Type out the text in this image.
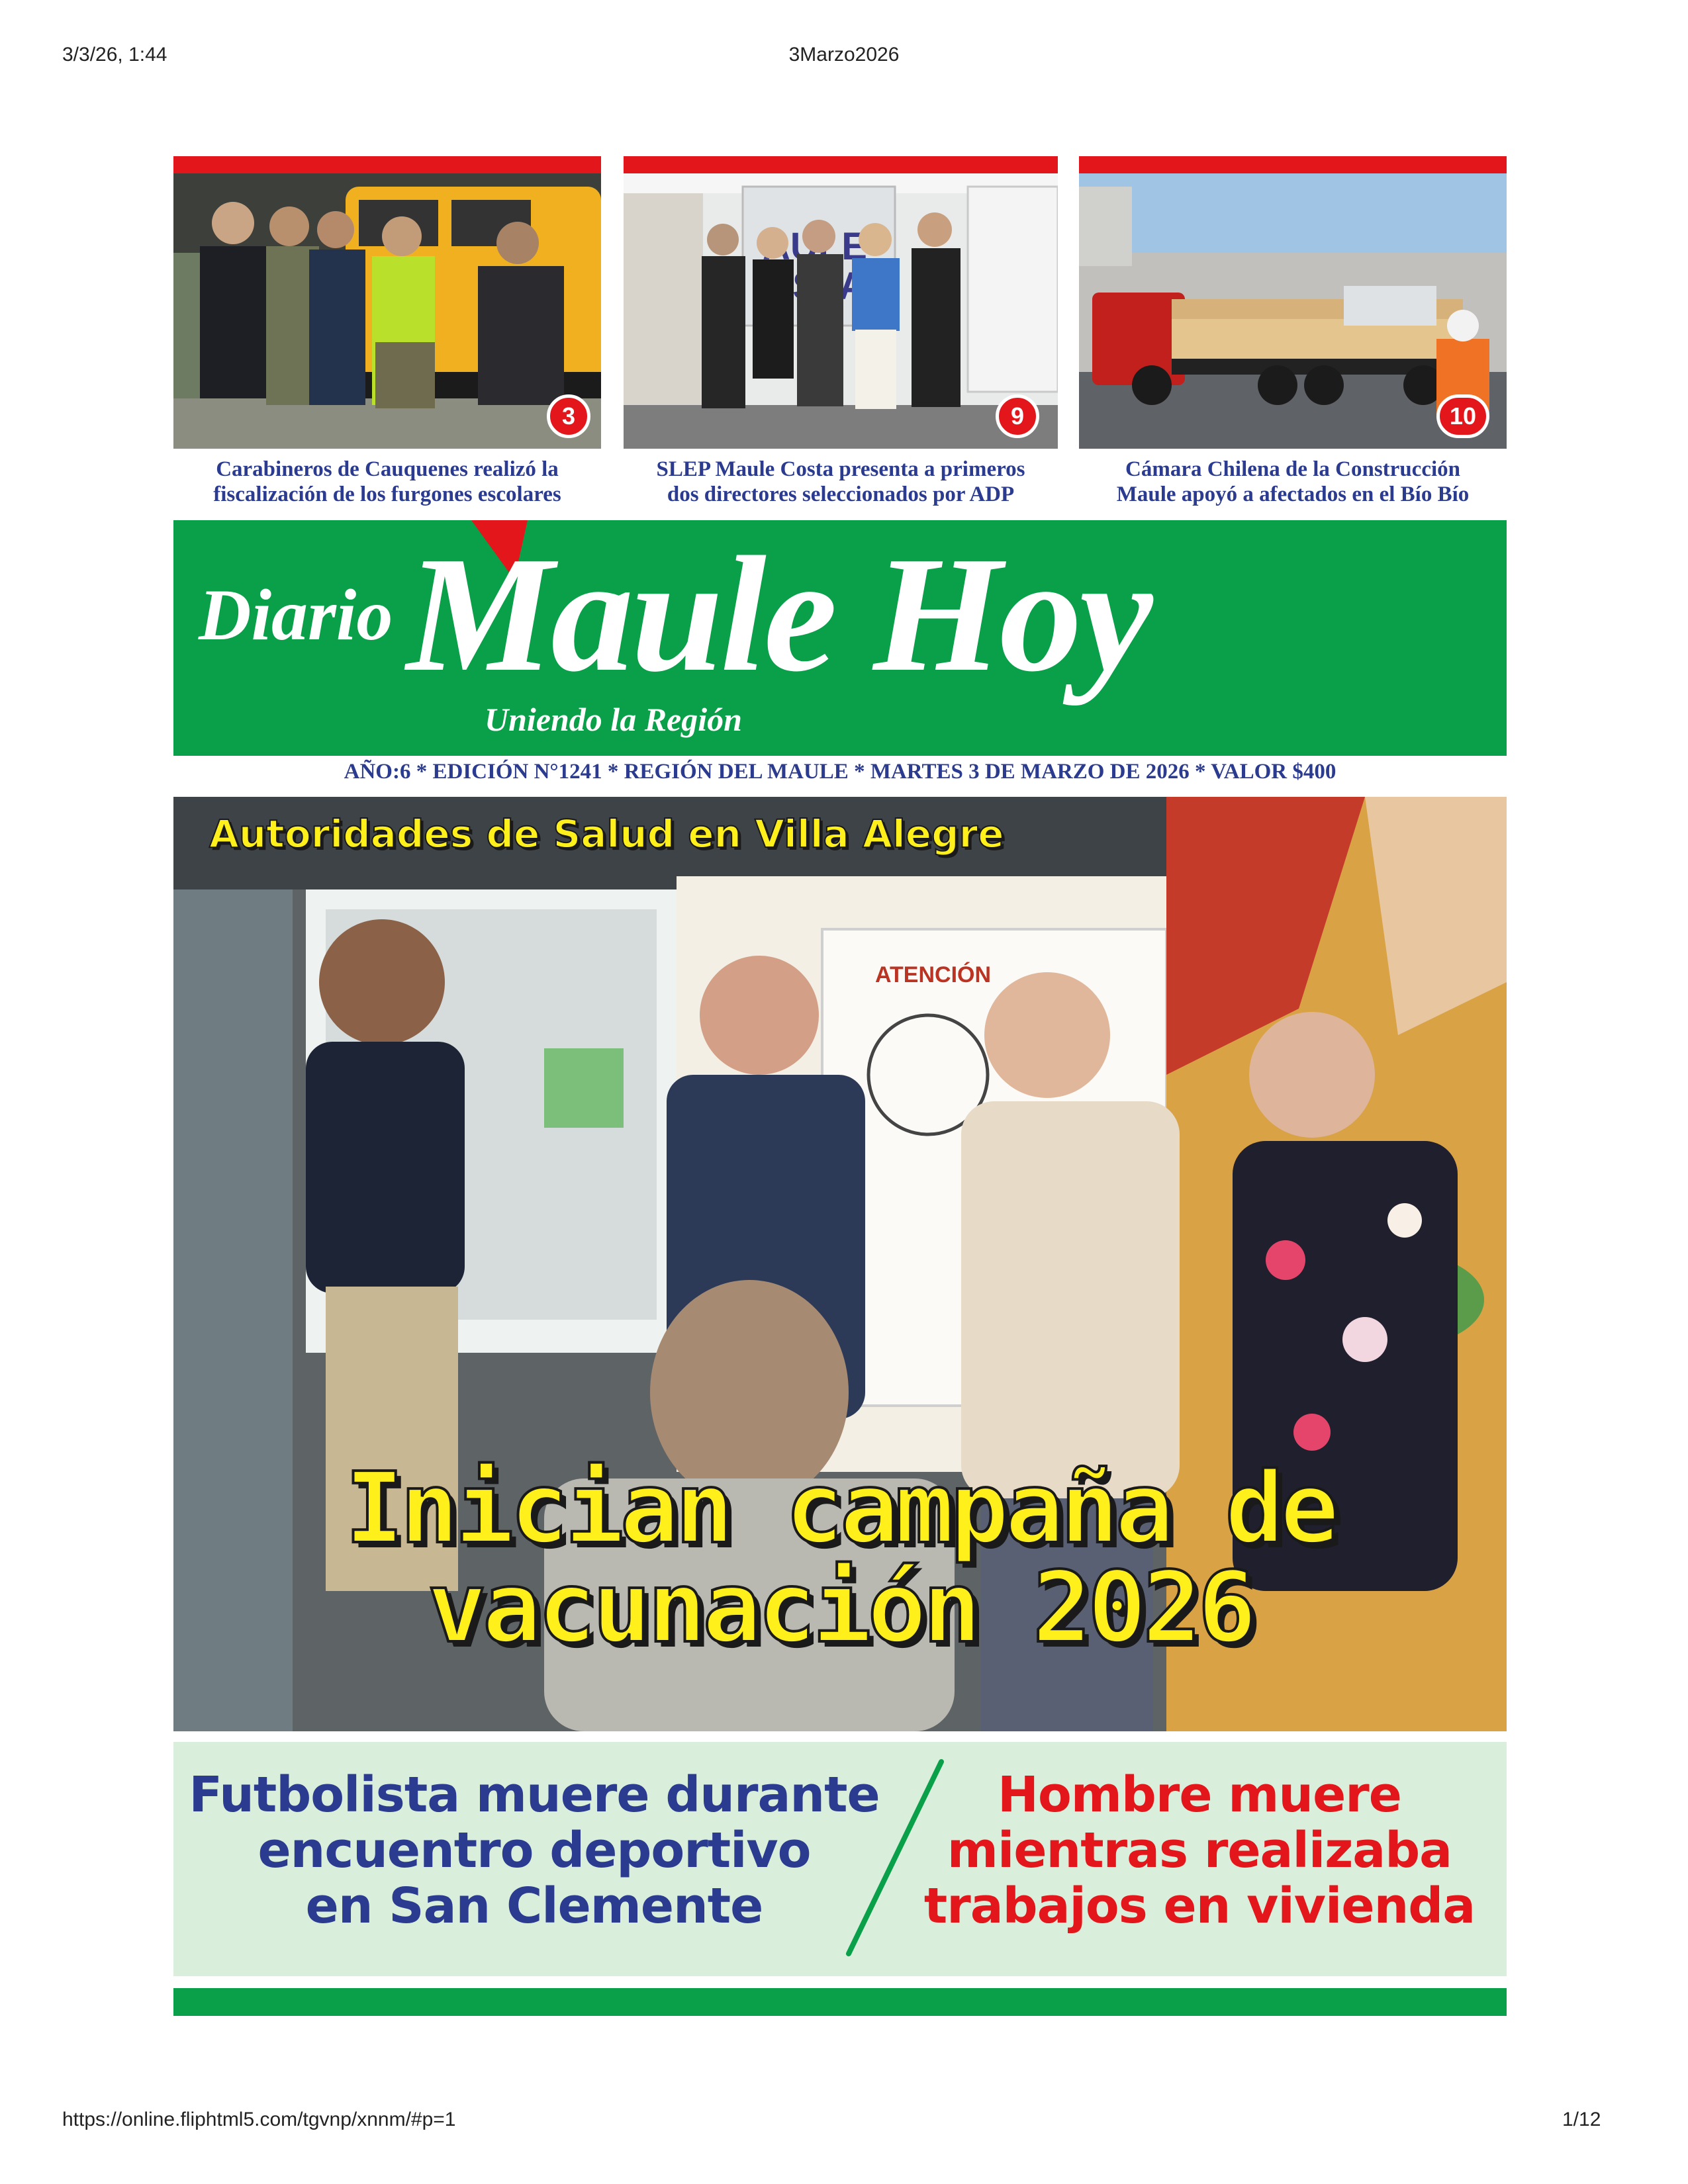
3/3/26, 1:44	3Marzo2026
3
Carabineros de Cauquenes realizó la
fiscalización de los furgones escolares
9
SLEP Maule Costa presenta a primeros
dos directores seleccionados por ADP
10
Cámara Chilena de la Construcción
Maule apoyó a afectados en el Bío Bío
Diario Maule Hoy
Uniendo la Región
AÑO:6 * EDICIÓN N°1241 * REGIÓN DEL MAULE * MARTES 3 DE MARZO DE 2026 * VALOR $400
ATENCIÓN
Autoridades de Salud en Villa Alegre
Inician campaña de
vacunación 2026
Futbolista muere durante
encuentro deportivo
en San Clemente
Hombre muere
mientras realizaba
trabajos en vivienda
https://online.fliphtml5.com/tgvnp/xnnm/#p=1	1/12
